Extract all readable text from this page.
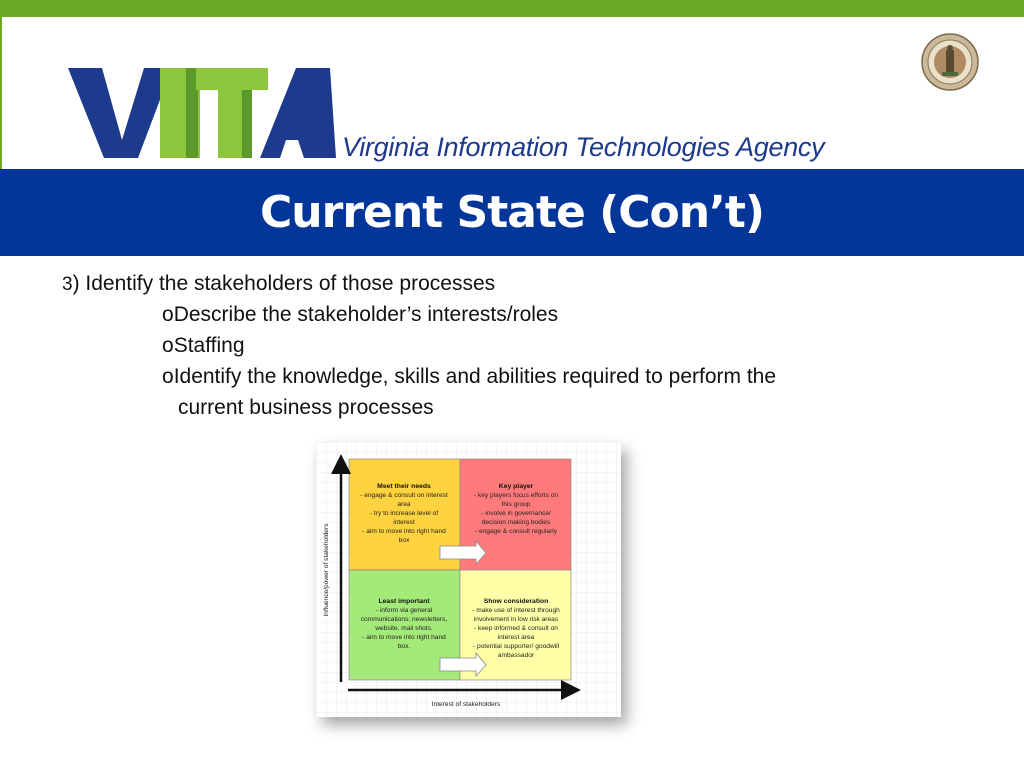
Virginia Information Technologies Agency
Current State (Con’t)
3) Identify the stakeholders of those processes
oDescribe the stakeholder’s interests/roles
oStaffing
oIdentify the knowledge, skills and abilities required to perform the
current business processes
Influence/power of stakeholders
Interest of stakeholders
Meet their needs
- engage & consult on interest
area
- try to increase level of
interest
- aim to move into right hand
box
Key player
- key players focus efforts on
this group
- involve in governance/
decision making bodies
- engage & consult regularly
Least important
- inform via general
communications: newsletters,
website, mail shots.
- aim to move into right hand
box.
Show consideration
- make use of interest through
involvement in low risk areas
- keep informed & consult on
interest area
- potential supporter/ goodwill
ambassador
